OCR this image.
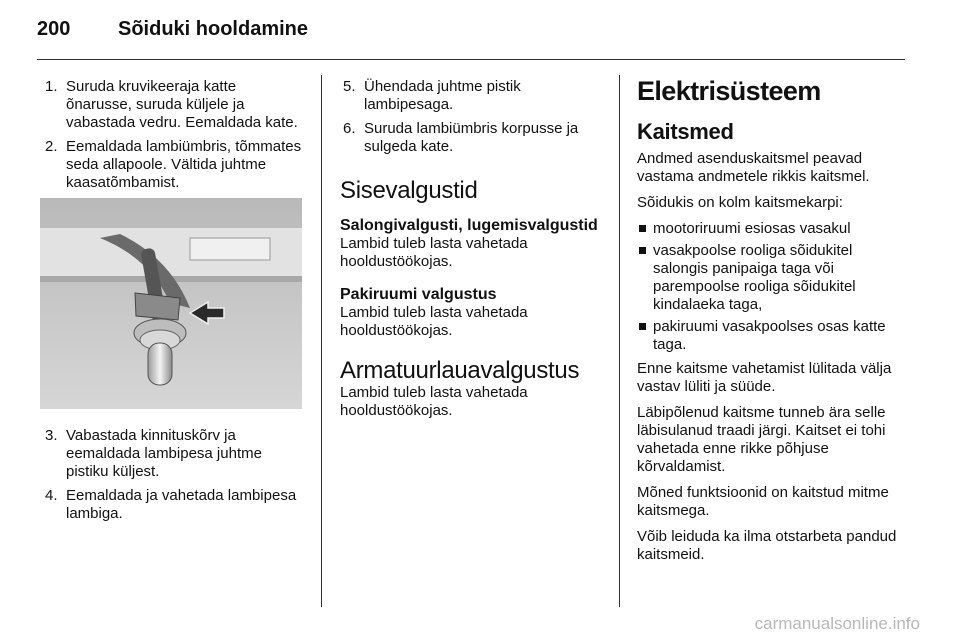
200 Sõiduki hooldamine
1. Suruda kruvikeeraja katte õnarusse, suruda küljele ja vabastada vedru. Eemaldada kate.
2. Eemaldada lambiümbris, tõmmates seda allapoole. Vältida juhtme kaasatõmbamist.
3. Vabastada kinnituskõrv ja eemaldada lambipesa juhtme pistiku küljest.
4. Eemaldada ja vahetada lambipesa lambiga.
5. Ühendada juhtme pistik lambipesaga.
6. Suruda lambiümbris korpusse ja sulgeda kate.
Sisevalgustid
Salongivalgusti, lugemisvalgustid

Lambid tuleb lasta vahetada hooldustöökojas.

Pakiruumi valgustus

Lambid tuleb lasta vahetada hooldustöökojas.

Armatuurlauavalgustus

Lambid tuleb lasta vahetada hooldustöökojas.

Elektrisüsteem
Kaitsmed

Andmed asenduskaitsmel peavad vastama andmetele rikkis kaitsmel.

Sõidukis on kolm kaitsmekarpi:

mootoriruumi esiosas vasakul
vasakpoolse rooliga sõidukitel salongis panipaiga taga või parempoolse rooliga sõidukitel kindalaeka taga,
pakiruumi vasakpoolses osas katte taga.

Enne kaitsme vahetamist lülitada välja vastav lüliti ja süüde.

Läbipõlenud kaitsme tunneb ära selle läbisulanud traadi järgi. Kaitset ei tohi vahetada enne rikke põhjuse kõrvaldamist.

Mõned funktsioonid on kaitstud mitme kaitsmega.

Võib leiduda ka ilma otstarbeta pandud kaitsmeid.

carmanualsonline.info
